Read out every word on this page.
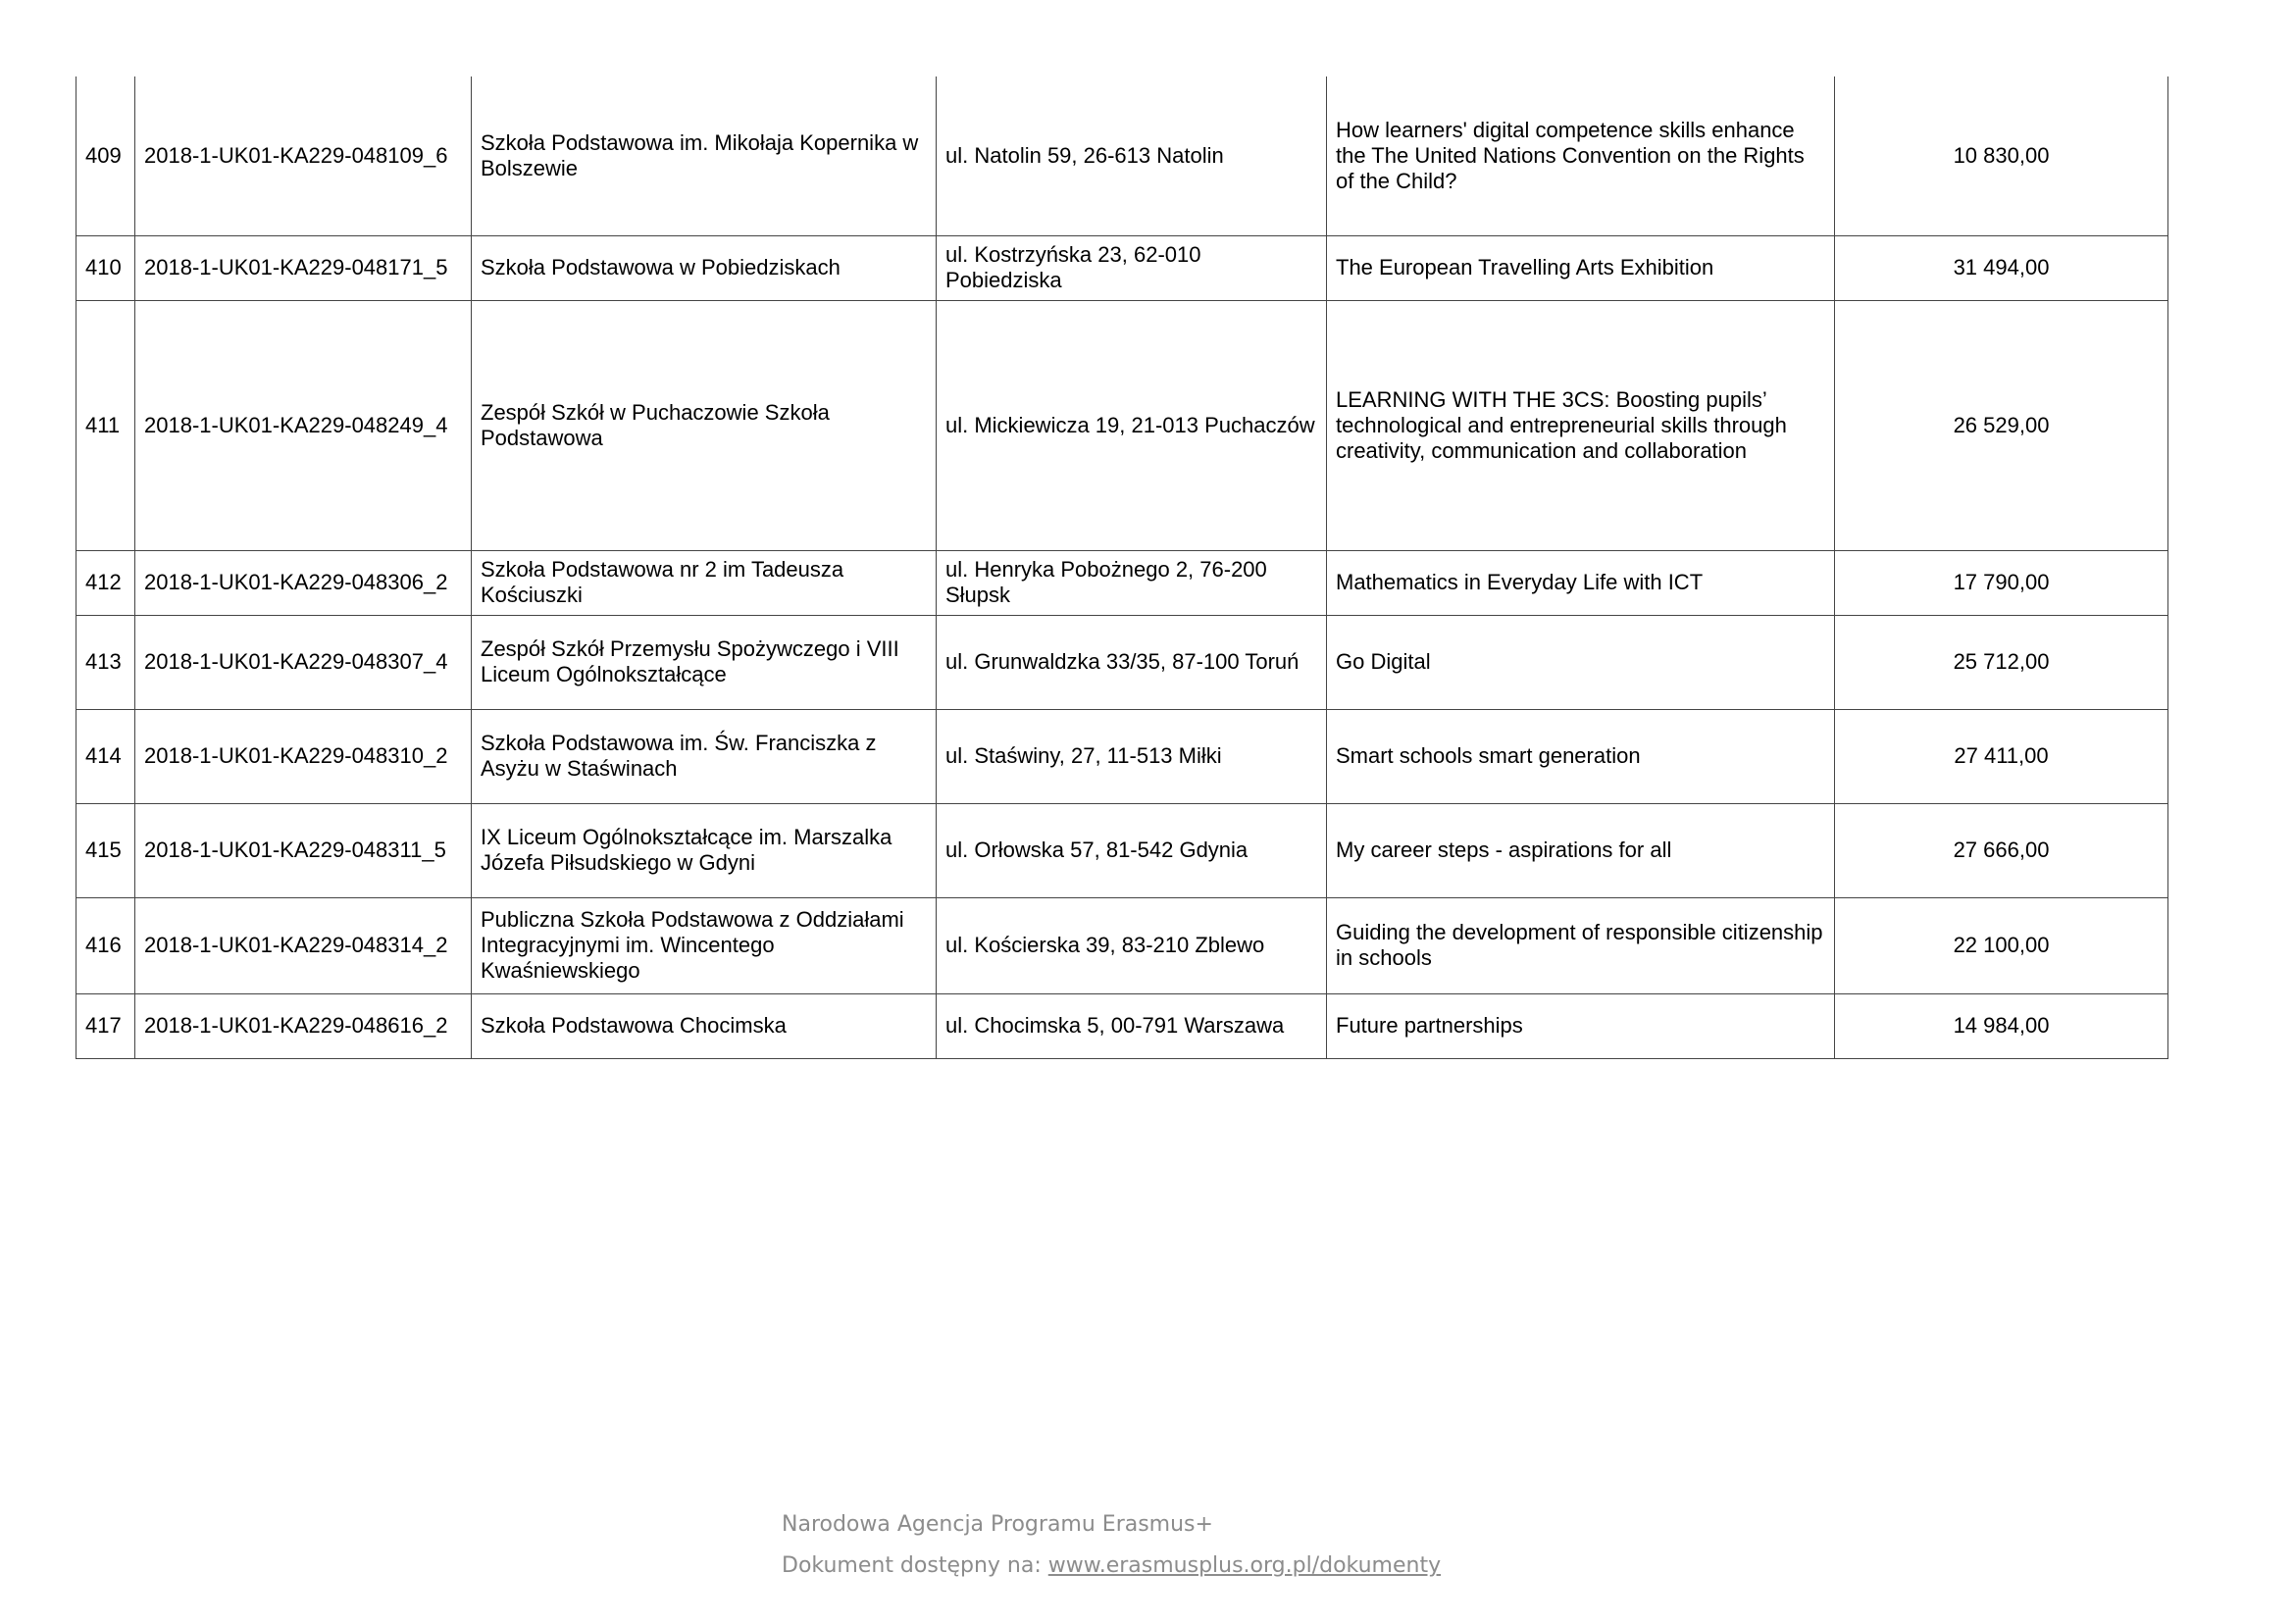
409	2018-1-UK01-KA229-048109_6	Szkoła Podstawowa im. Mikołaja Kopernika w Bolszewie	ul. Natolin 59, 26-613 Natolin	How learners' digital competence skills enhance the The United Nations Convention on the Rights of the Child?	10 830,00
410	2018-1-UK01-KA229-048171_5	Szkoła Podstawowa w Pobiedziskach	ul. Kostrzyńska 23, 62-010 Pobiedziska	The European Travelling Arts Exhibition	31 494,00
411	2018-1-UK01-KA229-048249_4	Zespół Szkół w Puchaczowie Szkoła Podstawowa	ul. Mickiewicza 19, 21-013 Puchaczów	LEARNING WITH THE 3CS: Boosting pupils’ technological and entrepreneurial skills through creativity, communication and collaboration	26 529,00
412	2018-1-UK01-KA229-048306_2	Szkoła Podstawowa nr 2 im Tadeusza Kościuszki	ul. Henryka Pobożnego 2, 76-200 Słupsk	Mathematics in Everyday Life with ICT	17 790,00
413	2018-1-UK01-KA229-048307_4	Zespół Szkół Przemysłu Spożywczego i VIII Liceum Ogólnokształcące	ul. Grunwaldzka 33/35, 87-100 Toruń	Go Digital	25 712,00
414	2018-1-UK01-KA229-048310_2	Szkoła Podstawowa im. Św. Franciszka z Asyżu w Staświnach	ul. Staświny, 27, 11-513 Miłki	Smart schools smart generation	27 411,00
415	2018-1-UK01-KA229-048311_5	IX Liceum Ogólnokształcące im. Marszalka Józefa Piłsudskiego w Gdyni	ul. Orłowska 57, 81-542 Gdynia	My career steps - aspirations for all	27 666,00
416	2018-1-UK01-KA229-048314_2	Publiczna Szkoła Podstawowa z Oddziałami Integracyjnymi im. Wincentego Kwaśniewskiego	ul. Kościerska 39, 83-210 Zblewo	Guiding the development of responsible citizenship in schools	22 100,00
417	2018-1-UK01-KA229-048616_2	Szkoła Podstawowa Chocimska	ul. Chocimska 5, 00-791 Warszawa	Future partnerships	14 984,00
Narodowa Agencja Programu Erasmus+
Dokument dostępny na: www.erasmusplus.org.pl/dokumenty
